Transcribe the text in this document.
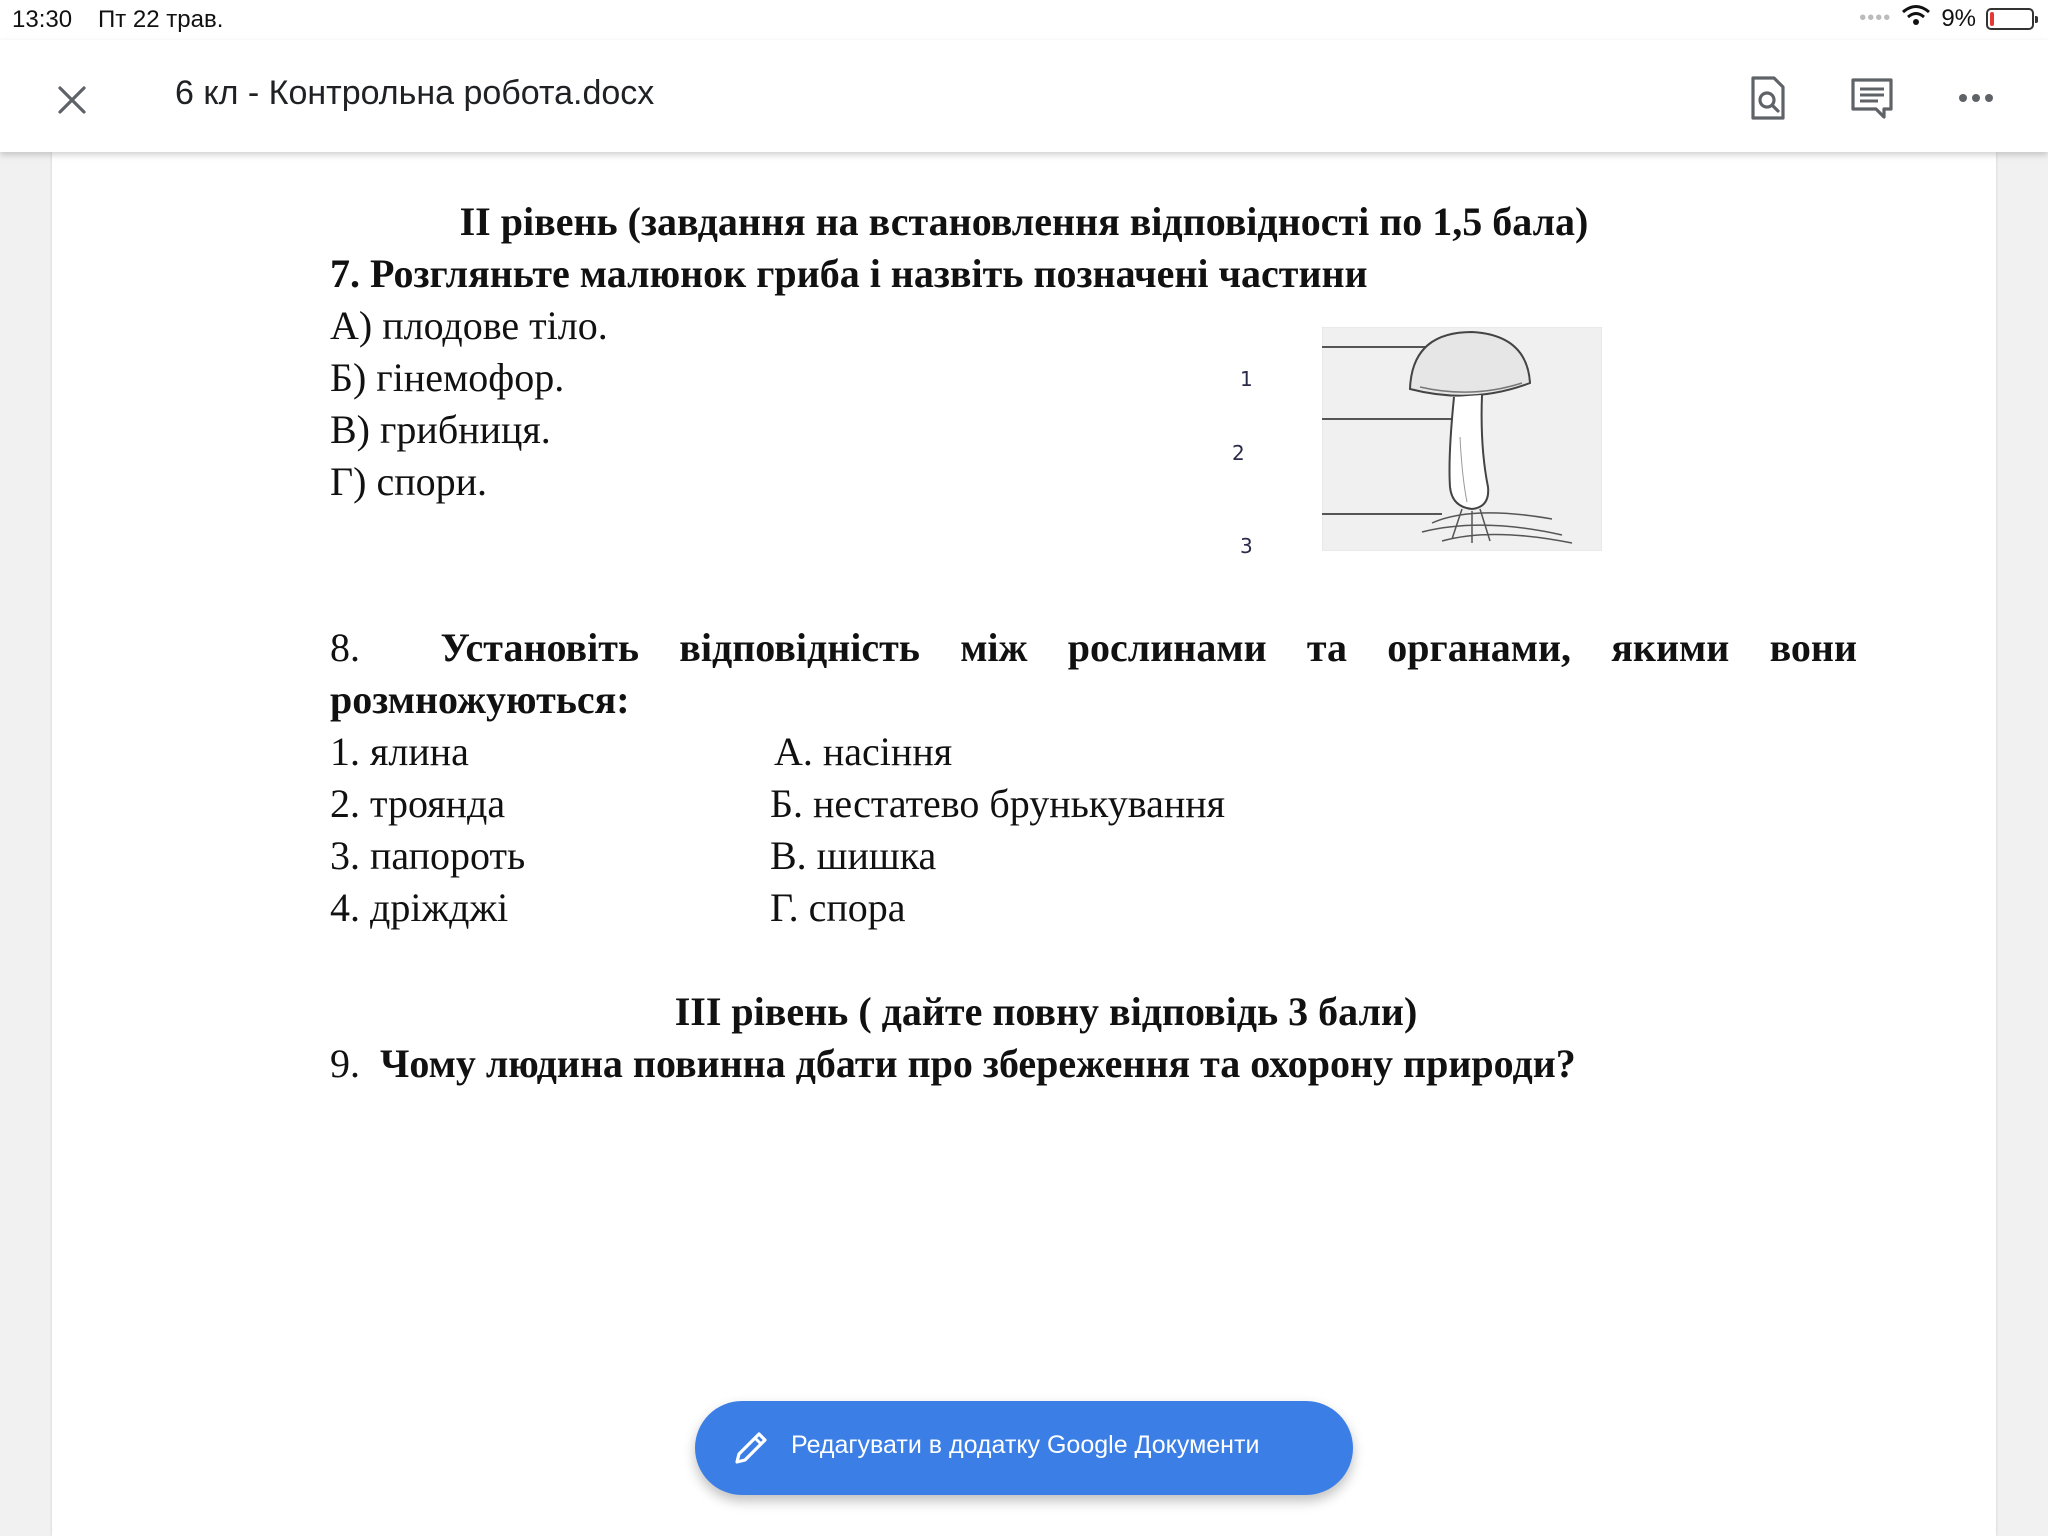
13:30 Пт 22 трав.	•••• 9%
6 кл - Контрольна робота.docx
ІІ рівень (завдання на встановлення відповідності по 1,5 бала)
7. Розгляньте малюнок гриба і назвіть позначені частини
А) плодове тіло.
Б) гінемофор.
В) грибниця.
Г) спори.
1
2
3
8. Установіть відповідність між рослинами та органами, якими вони
розмножуються:
1. ялина
2. троянда
3. папороть
4. дріжджі
А. насіння
Б. нестатево брунькування
В. шишка
Г. спора
ІІІ рівень ( дайте повну відповідь 3 бали)
9. Чому людина повинна дбати про збереження та охорону природи?
Редагувати в додатку Google Документи
